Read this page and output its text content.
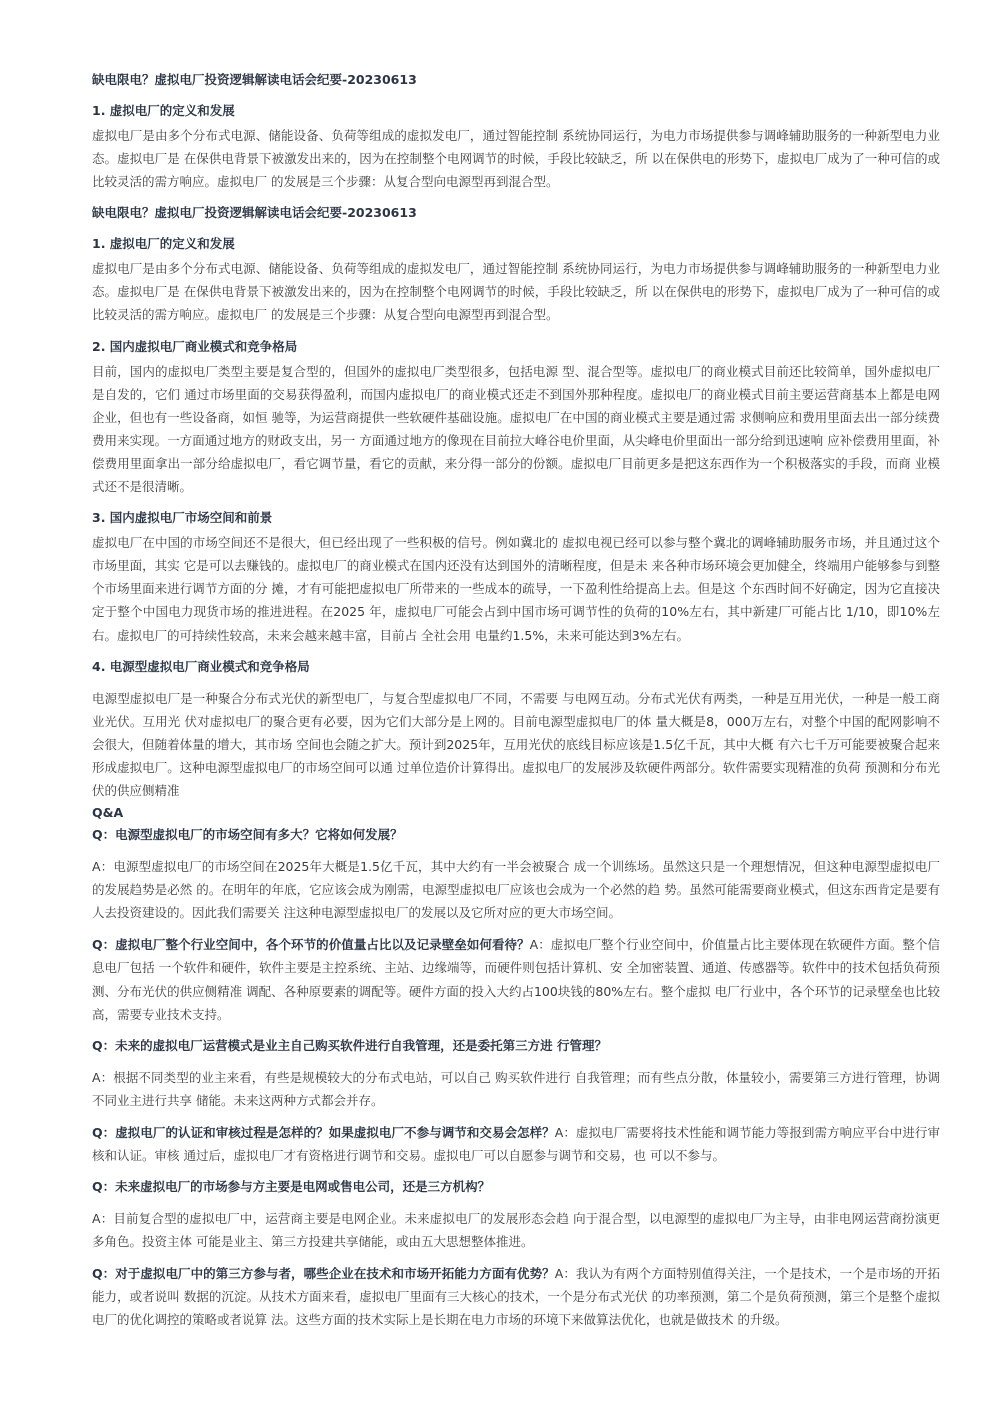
缺电限电？虚拟电厂投资逻辑解读电话会纪要-20230613
1. 虚拟电厂的定义和发展
虚拟电厂是由多个分布式电源、储能设备、负荷等组成的虚拟发电厂，通过智能控制 系统协同运行，为电力市场提供参与调峰辅助服务的一种新型电力业态。虚拟电厂是 在保供电背景下被激发出来的，因为在控制整个电网调节的时候，手段比较缺乏，所 以在保供电的形势下，虚拟电厂成为了一种可信的或比较灵活的需方响应。虚拟电厂 的发展是三个步骤：从复合型向电源型再到混合型。
缺电限电？虚拟电厂投资逻辑解读电话会纪要-20230613
1. 虚拟电厂的定义和发展
虚拟电厂是由多个分布式电源、储能设备、负荷等组成的虚拟发电厂，通过智能控制 系统协同运行，为电力市场提供参与调峰辅助服务的一种新型电力业态。虚拟电厂是 在保供电背景下被激发出来的，因为在控制整个电网调节的时候，手段比较缺乏，所 以在保供电的形势下，虚拟电厂成为了一种可信的或比较灵活的需方响应。虚拟电厂 的发展是三个步骤：从复合型向电源型再到混合型。
2. 国内虚拟电厂商业模式和竞争格局
目前，国内的虚拟电厂类型主要是复合型的，但国外的虚拟电厂类型很多，包括电源 型、混合型等。虚拟电厂的商业模式目前还比较简单，国外虚拟电厂是自发的，它们 通过市场里面的交易获得盈利，而国内虚拟电厂的商业模式还走不到国外那种程度。虚拟电厂的商业模式目前主要运营商基本上都是电网企业，但也有一些设备商，如恒 驰等，为运营商提供一些软硬件基础设施。虚拟电厂在中国的商业模式主要是通过需 求侧响应和费用里面去出一部分续费费用来实现。一方面通过地方的财政支出，另一 方面通过地方的像现在目前拉大峰谷电价里面，从尖峰电价里面出一部分给到迅速响 应补偿费用里面，补偿费用里面拿出一部分给虚拟电厂，看它调节量，看它的贡献，来分得一部分的份额。虚拟电厂目前更多是把这东西作为一个积极落实的手段，而商 业模式还不是很清晰。
3. 国内虚拟电厂市场空间和前景
虚拟电厂在中国的市场空间还不是很大，但已经出现了一些积极的信号。例如冀北的 虚拟电视已经可以参与整个冀北的调峰辅助服务市场，并且通过这个市场里面，其实 它是可以去赚钱的。虚拟电厂的商业模式在国内还没有达到国外的清晰程度，但是未 来各种市场环境会更加健全，终端用户能够参与到整个市场里面来进行调节方面的分 摊，才有可能把虚拟电厂所带来的一些成本的疏导，一下盈利性给提高上去。但是这 个东西时间不好确定，因为它直接决定于整个中国电力现货市场的推进进程。在2025 年，虚拟电厂可能会占到中国市场可调节性的负荷的10%左右，其中新建厂可能占比 1/10，即10%左右。虚拟电厂的可持续性较高，未来会越来越丰富，目前占 全社会用 电量约1.5%，未来可能达到3%左右。
4. 电源型虚拟电厂商业模式和竞争格局
电源型虚拟电厂是一种聚合分布式光伏的新型电厂，与复合型虚拟电厂不同，不需要 与电网互动。分布式光伏有两类，一种是互用光伏，一种是一般工商业光伏。互用光 伏对虚拟电厂的聚合更有必要，因为它们大部分是上网的。目前电源型虚拟电厂的体 量大概是8，000万左右，对整个中国的配网影响不会很大，但随着体量的增大，其市场 空间也会随之扩大。预计到2025年，互用光伏的底线目标应该是1.5亿千瓦，其中大概 有六七千万可能要被聚合起来形成虚拟电厂。这种电源型虚拟电厂的市场空间可以通 过单位造价计算得出。虚拟电厂的发展涉及软硬件两部分。软件需要实现精准的负荷 预测和分布光伏的供应侧精准
Q&A
Q：电源型虚拟电厂的市场空间有多大？它将如何发展？
A：电源型虚拟电厂的市场空间在2025年大概是1.5亿千瓦，其中大约有一半会被聚合 成一个训练场。虽然这只是一个理想情况，但这种电源型虚拟电厂的发展趋势是必然 的。在明年的年底，它应该会成为刚需，电源型虚拟电厂应该也会成为一个必然的趋 势。虽然可能需要商业模式，但这东西肯定是要有人去投资建设的。因此我们需要关 注这种电源型虚拟电厂的发展以及它所对应的更大市场空间。
Q：虚拟电厂整个行业空间中，各个环节的价值量占比以及记录壁垒如何看待？A：虚拟电厂整个行业空间中，价值量占比主要体现在软硬件方面。整个信息电厂包括 一个软件和硬件，软件主要是主控系统、主站、边缘端等，而硬件则包括计算机、安 全加密装置、通道、传感器等。软件中的技术包括负荷预测、分布光伏的供应侧精准 调配、各种原要素的调配等。硬件方面的投入大约占100块钱的80%左右。整个虚拟 电厂行业中，各个环节的记录壁垒也比较高，需要专业技术支持。
Q：未来的虚拟电厂运营模式是业主自己购买软件进行自我管理，还是委托第三方进 行管理？
A：根据不同类型的业主来看，有些是规模较大的分布式电站，可以自己 购买软件进行 自我管理；而有些点分散，体量较小，需要第三方进行管理，协调不同业主进行共享 储能。未来这两种方式都会并存。
Q：虚拟电厂的认证和审核过程是怎样的？如果虚拟电厂不参与调节和交易会怎样？A：虚拟电厂需要将技术性能和调节能力等报到需方响应平台中进行审核和认证。审核 通过后，虚拟电厂才有资格进行调节和交易。虚拟电厂可以自愿参与调节和交易，也 可以不参与。
Q：未来虚拟电厂的市场参与方主要是电网或售电公司，还是三方机构？
A：目前复合型的虚拟电厂中，运营商主要是电网企业。未来虚拟电厂的发展形态会趋 向于混合型，以电源型的虚拟电厂为主导，由非电网运营商扮演更多角色。投资主体 可能是业主、第三方投建共享储能，或由五大思想整体推进。
Q：对于虚拟电厂中的第三方参与者，哪些企业在技术和市场开拓能力方面有优势？A：我认为有两个方面特别值得关注，一个是技术，一个是市场的开拓能力，或者说叫 数据的沉淀。从技术方面来看，虚拟电厂里面有三大核心的技术，一个是分布式光伏 的功率预测，第二个是负荷预测，第三个是整个虚拟电厂的优化调控的策略或者说算 法。这些方面的技术实际上是长期在电力市场的环境下来做算法优化，也就是做技术 的升级。
